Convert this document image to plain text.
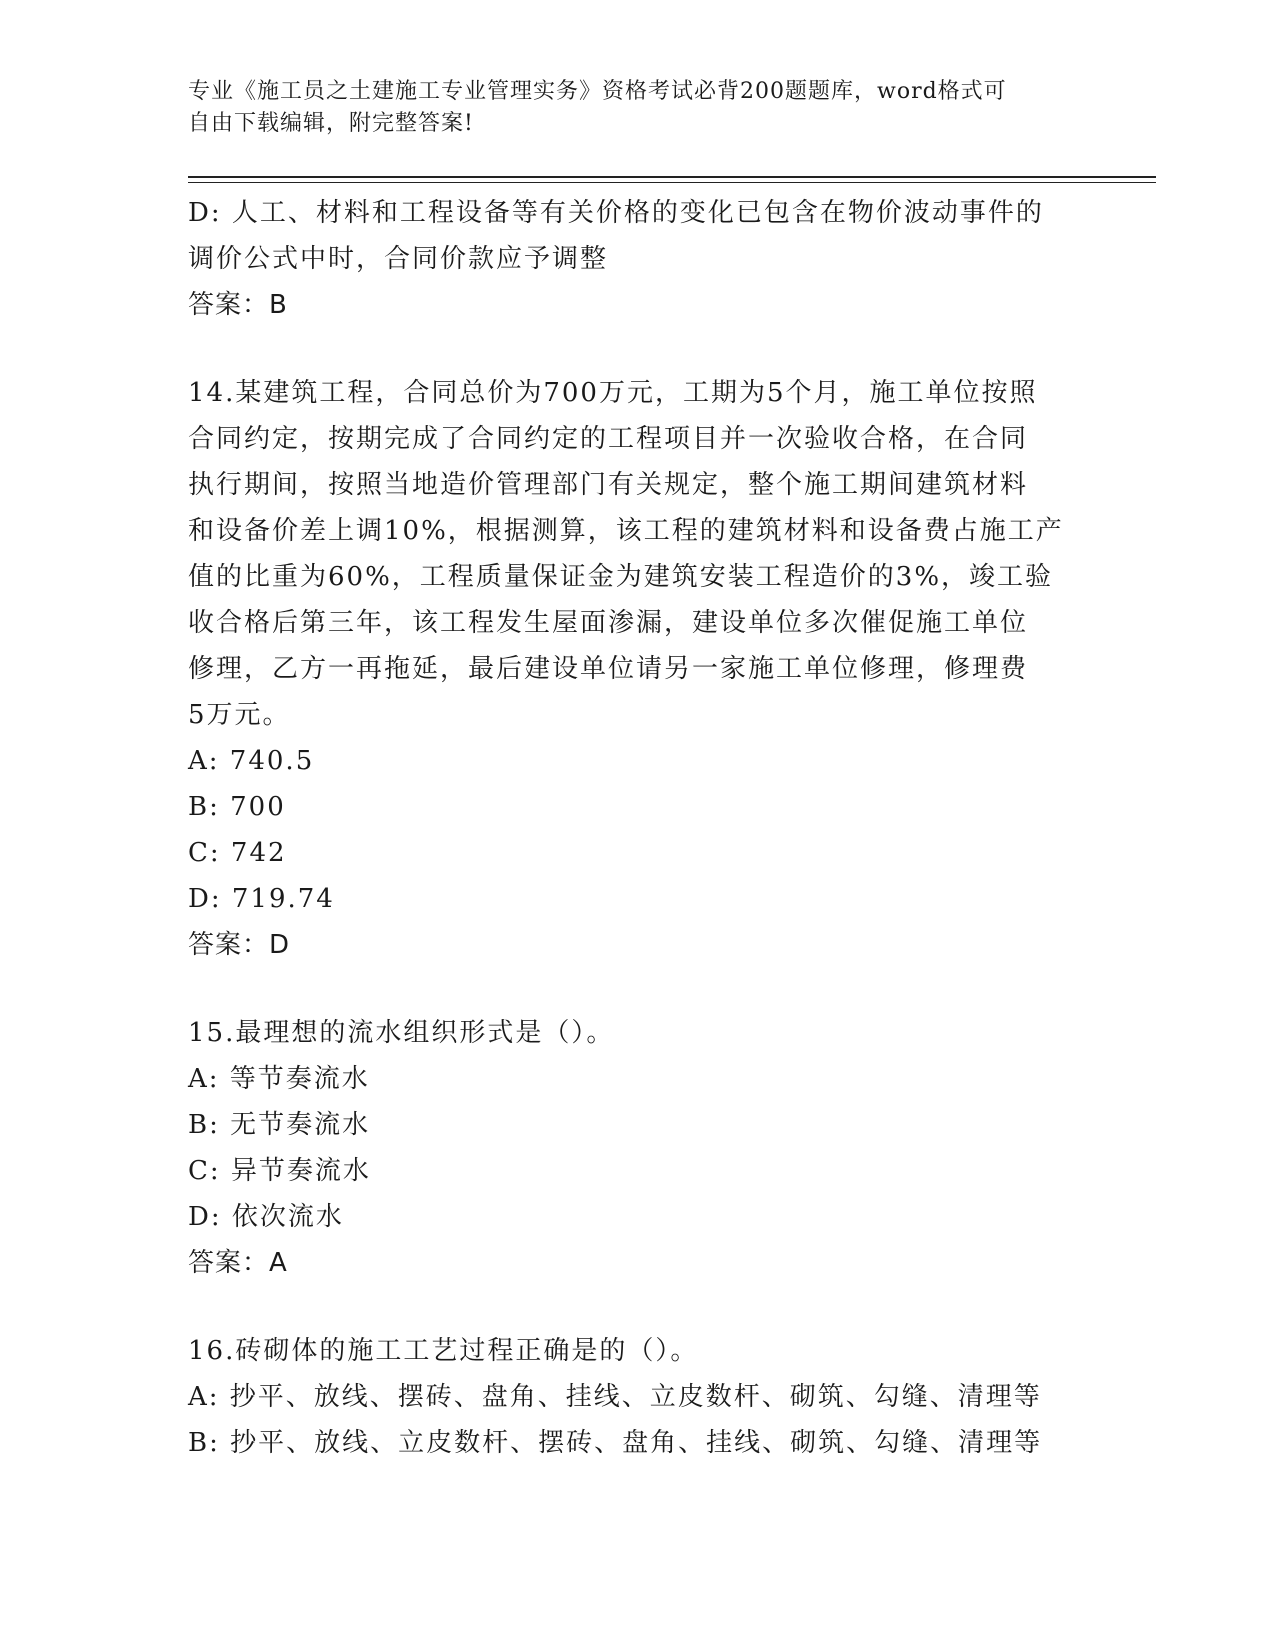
专业《施工员之土建施工专业管理实务》资格考试必背200题题库，word格式可
自由下载编辑，附完整答案!
D: 人工、材料和工程设备等有关价格的变化已包含在物价波动事件的
调价公式中时，合同价款应予调整
答案：B
14.某建筑工程，合同总价为700万元，工期为5个月，施工单位按照
合同约定，按期完成了合同约定的工程项目并一次验收合格，在合同
执行期间，按照当地造价管理部门有关规定，整个施工期间建筑材料
和设备价差上调10%，根据测算，该工程的建筑材料和设备费占施工产
值的比重为60%，工程质量保证金为建筑安装工程造价的3%，竣工验
收合格后第三年，该工程发生屋面渗漏，建设单位多次催促施工单位
修理，乙方一再拖延，最后建设单位请另一家施工单位修理，修理费
5万元。
A: 740.5
B: 700
C: 742
D: 719.74
答案：D
15.最理想的流水组织形式是（）。
A: 等节奏流水
B: 无节奏流水
C: 异节奏流水
D: 依次流水
答案：A
16.砖砌体的施工工艺过程正确是的（）。
A: 抄平、放线、摆砖、盘角、挂线、立皮数杆、砌筑、勾缝、清理等
B: 抄平、放线、立皮数杆、摆砖、盘角、挂线、砌筑、勾缝、清理等
